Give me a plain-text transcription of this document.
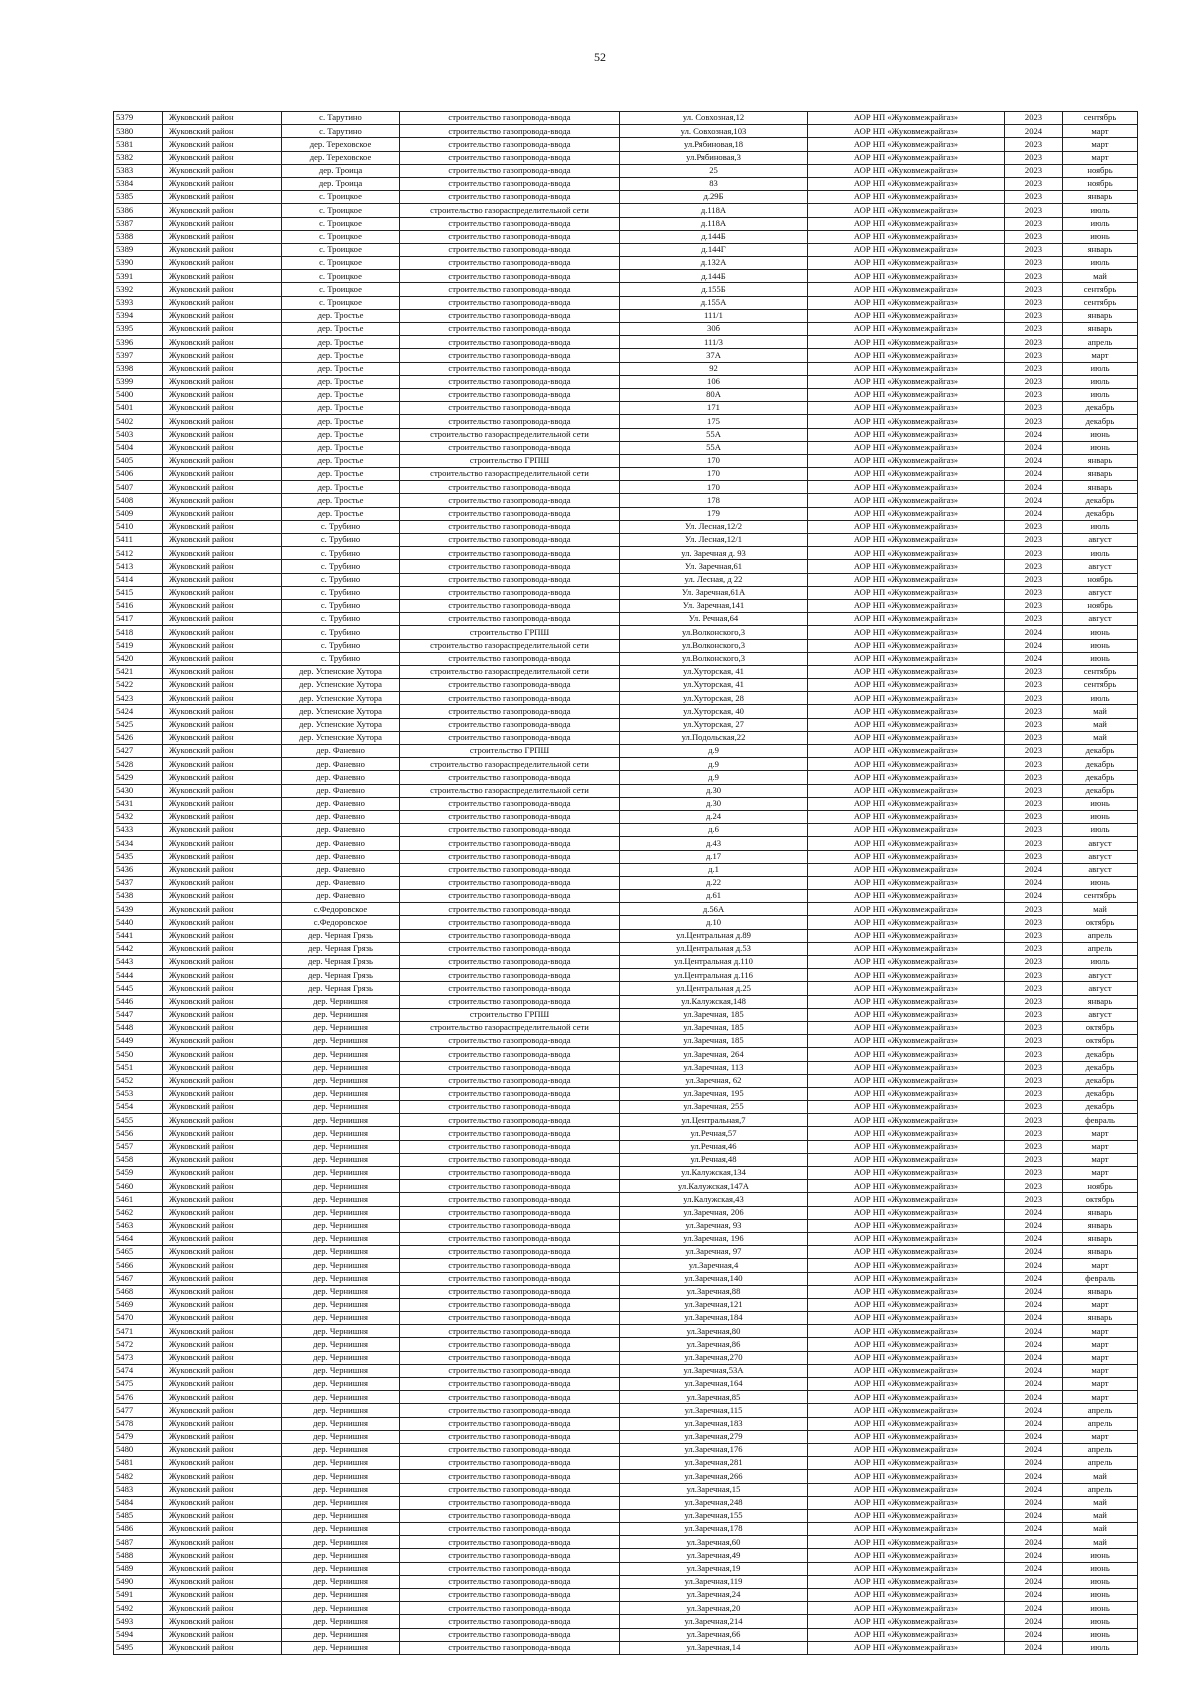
52
5379	Жуковский район	с. Тарутино	строительство газопровода-ввода	ул. Совхозная,12	АОР НП «Жуковмежрайгаз»	2023	сентябрь
5380	Жуковский район	с. Тарутино	строительство газопровода-ввода	ул. Совхозная,103	АОР НП «Жуковмежрайгаз»	2024	март
5381	Жуковский район	дер. Тереховское	строительство газопровода-ввода	ул.Рябиновая,18	АОР НП «Жуковмежрайгаз»	2023	март
5382	Жуковский район	дер. Тереховское	строительство газопровода-ввода	ул.Рябиновая,3	АОР НП «Жуковмежрайгаз»	2023	март
5383	Жуковский район	дер. Троица	строительство газопровода-ввода	25	АОР НП «Жуковмежрайгаз»	2023	ноябрь
5384	Жуковский район	дер. Троица	строительство газопровода-ввода	83	АОР НП «Жуковмежрайгаз»	2023	ноябрь
5385	Жуковский район	с. Троицкое	строительство газопровода-ввода	д.29Б	АОР НП «Жуковмежрайгаз»	2023	январь
5386	Жуковский район	с. Троицкое	строительство газораспределительной сети	д.118А	АОР НП «Жуковмежрайгаз»	2023	июль
5387	Жуковский район	с. Троицкое	строительство газопровода-ввода	д.118А	АОР НП «Жуковмежрайгаз»	2023	июль
5388	Жуковский район	с. Троицкое	строительство газопровода-ввода	д.144Б	АОР НП «Жуковмежрайгаз»	2023	июнь
5389	Жуковский район	с. Троицкое	строительство газопровода-ввода	д.144Г	АОР НП «Жуковмежрайгаз»	2023	январь
5390	Жуковский район	с. Троицкое	строительство газопровода-ввода	д.132А	АОР НП «Жуковмежрайгаз»	2023	июль
5391	Жуковский район	с. Троицкое	строительство газопровода-ввода	д.144Б	АОР НП «Жуковмежрайгаз»	2023	май
5392	Жуковский район	с. Троицкое	строительство газопровода-ввода	д.155Б	АОР НП «Жуковмежрайгаз»	2023	сентябрь
5393	Жуковский район	с. Троицкое	строительство газопровода-ввода	д.155А	АОР НП «Жуковмежрайгаз»	2023	сентябрь
5394	Жуковский район	дер. Тростье	строительство газопровода-ввода	111/1	АОР НП «Жуковмежрайгаз»	2023	январь
5395	Жуковский район	дер. Тростье	строительство газопровода-ввода	30б	АОР НП «Жуковмежрайгаз»	2023	январь
5396	Жуковский район	дер. Тростье	строительство газопровода-ввода	111/3	АОР НП «Жуковмежрайгаз»	2023	апрель
5397	Жуковский район	дер. Тростье	строительство газопровода-ввода	37А	АОР НП «Жуковмежрайгаз»	2023	март
5398	Жуковский район	дер. Тростье	строительство газопровода-ввода	92	АОР НП «Жуковмежрайгаз»	2023	июль
5399	Жуковский район	дер. Тростье	строительство газопровода-ввода	106	АОР НП «Жуковмежрайгаз»	2023	июль
5400	Жуковский район	дер. Тростье	строительство газопровода-ввода	80А	АОР НП «Жуковмежрайгаз»	2023	июль
5401	Жуковский район	дер. Тростье	строительство газопровода-ввода	171	АОР НП «Жуковмежрайгаз»	2023	декабрь
5402	Жуковский район	дер. Тростье	строительство газопровода-ввода	175	АОР НП «Жуковмежрайгаз»	2023	декабрь
5403	Жуковский район	дер. Тростье	строительство газораспределительной сети	55А	АОР НП «Жуковмежрайгаз»	2024	июнь
5404	Жуковский район	дер. Тростье	строительство газопровода-ввода	55А	АОР НП «Жуковмежрайгаз»	2024	июнь
5405	Жуковский район	дер. Тростье	строительство ГРПШ	170	АОР НП «Жуковмежрайгаз»	2024	январь
5406	Жуковский район	дер. Тростье	строительство газораспределительной сети	170	АОР НП «Жуковмежрайгаз»	2024	январь
5407	Жуковский район	дер. Тростье	строительство газопровода-ввода	170	АОР НП «Жуковмежрайгаз»	2024	январь
5408	Жуковский район	дер. Тростье	строительство газопровода-ввода	178	АОР НП «Жуковмежрайгаз»	2024	декабрь
5409	Жуковский район	дер. Тростье	строительство газопровода-ввода	179	АОР НП «Жуковмежрайгаз»	2024	декабрь
5410	Жуковский район	с. Трубино	строительство газопровода-ввода	Ул. Лесная,12/2	АОР НП «Жуковмежрайгаз»	2023	июль
5411	Жуковский район	с. Трубино	строительство газопровода-ввода	Ул. Лесная,12/1	АОР НП «Жуковмежрайгаз»	2023	август
5412	Жуковский район	с. Трубино	строительство газопровода-ввода	ул. Заречная д. 93	АОР НП «Жуковмежрайгаз»	2023	июль
5413	Жуковский район	с. Трубино	строительство газопровода-ввода	Ул. Заречная,61	АОР НП «Жуковмежрайгаз»	2023	август
5414	Жуковский район	с. Трубино	строительство газопровода-ввода	ул. Лесная, д 22	АОР НП «Жуковмежрайгаз»	2023	ноябрь
5415	Жуковский район	с. Трубино	строительство газопровода-ввода	Ул. Заречная,61А	АОР НП «Жуковмежрайгаз»	2023	август
5416	Жуковский район	с. Трубино	строительство газопровода-ввода	Ул. Заречная,141	АОР НП «Жуковмежрайгаз»	2023	ноябрь
5417	Жуковский район	с. Трубино	строительство газопровода-ввода	Ул. Речная,64	АОР НП «Жуковмежрайгаз»	2023	август
5418	Жуковский район	с. Трубино	строительство ГРПШ	ул.Волконского,3	АОР НП «Жуковмежрайгаз»	2024	июнь
5419	Жуковский район	с. Трубино	строительство газораспределительной сети	ул.Волконского,3	АОР НП «Жуковмежрайгаз»	2024	июнь
5420	Жуковский район	с. Трубино	строительство газопровода-ввода	ул.Волконского,3	АОР НП «Жуковмежрайгаз»	2024	июнь
5421	Жуковский район	дер. Успенские Хутора	строительство газораспределительной сети	ул.Хуторская, 41	АОР НП «Жуковмежрайгаз»	2023	сентябрь
5422	Жуковский район	дер. Успенские Хутора	строительство газопровода-ввода	ул.Хуторская, 41	АОР НП «Жуковмежрайгаз»	2023	сентябрь
5423	Жуковский район	дер. Успенские Хутора	строительство газопровода-ввода	ул.Хуторская, 28	АОР НП «Жуковмежрайгаз»	2023	июль
5424	Жуковский район	дер. Успенские Хутора	строительство газопровода-ввода	ул.Хуторская, 40	АОР НП «Жуковмежрайгаз»	2023	май
5425	Жуковский район	дер. Успенские Хутора	строительство газопровода-ввода	ул.Хуторская, 27	АОР НП «Жуковмежрайгаз»	2023	май
5426	Жуковский район	дер. Успенские Хутора	строительство газопровода-ввода	ул.Подольская,22	АОР НП «Жуковмежрайгаз»	2023	май
5427	Жуковский район	дер. Фаневно	строительство ГРПШ	д.9	АОР НП «Жуковмежрайгаз»	2023	декабрь
5428	Жуковский район	дер. Фаневно	строительство газораспределительной сети	д.9	АОР НП «Жуковмежрайгаз»	2023	декабрь
5429	Жуковский район	дер. Фаневно	строительство газопровода-ввода	д.9	АОР НП «Жуковмежрайгаз»	2023	декабрь
5430	Жуковский район	дер. Фаневно	строительство газораспределительной сети	д.30	АОР НП «Жуковмежрайгаз»	2023	декабрь
5431	Жуковский район	дер. Фаневно	строительство газопровода-ввода	д.30	АОР НП «Жуковмежрайгаз»	2023	июнь
5432	Жуковский район	дер. Фаневно	строительство газопровода-ввода	д.24	АОР НП «Жуковмежрайгаз»	2023	июнь
5433	Жуковский район	дер. Фаневно	строительство газопровода-ввода	д.6	АОР НП «Жуковмежрайгаз»	2023	июль
5434	Жуковский район	дер. Фаневно	строительство газопровода-ввода	д.43	АОР НП «Жуковмежрайгаз»	2023	август
5435	Жуковский район	дер. Фаневно	строительство газопровода-ввода	д.17	АОР НП «Жуковмежрайгаз»	2023	август
5436	Жуковский район	дер. Фаневно	строительство газопровода-ввода	д.1	АОР НП «Жуковмежрайгаз»	2024	август
5437	Жуковский район	дер. Фаневно	строительство газопровода-ввода	д.22	АОР НП «Жуковмежрайгаз»	2024	июнь
5438	Жуковский район	дер. Фаневно	строительство газопровода-ввода	д.61	АОР НП «Жуковмежрайгаз»	2024	сентябрь
5439	Жуковский район	с.Федоровское	строительство газопровода-ввода	д.56А	АОР НП «Жуковмежрайгаз»	2023	май
5440	Жуковский район	с.Федоровское	строительство газопровода-ввода	д.10	АОР НП «Жуковмежрайгаз»	2023	октябрь
5441	Жуковский район	дер. Черная Грязь	строительство газопровода-ввода	ул.Центральная д.89	АОР НП «Жуковмежрайгаз»	2023	апрель
5442	Жуковский район	дер. Черная Грязь	строительство газопровода-ввода	ул.Центральная д.53	АОР НП «Жуковмежрайгаз»	2023	апрель
5443	Жуковский район	дер. Черная Грязь	строительство газопровода-ввода	ул.Центральная д.110	АОР НП «Жуковмежрайгаз»	2023	июль
5444	Жуковский район	дер. Черная Грязь	строительство газопровода-ввода	ул.Центральная д.116	АОР НП «Жуковмежрайгаз»	2023	август
5445	Жуковский район	дер. Черная Грязь	строительство газопровода-ввода	ул.Центральная д.25	АОР НП «Жуковмежрайгаз»	2023	август
5446	Жуковский район	дер. Чернишня	строительство газопровода-ввода	ул.Калужская,148	АОР НП «Жуковмежрайгаз»	2023	январь
5447	Жуковский район	дер. Чернишня	строительство ГРПШ	ул.Заречная, 185	АОР НП «Жуковмежрайгаз»	2023	август
5448	Жуковский район	дер. Чернишня	строительство газораспределительной сети	ул.Заречная, 185	АОР НП «Жуковмежрайгаз»	2023	октябрь
5449	Жуковский район	дер. Чернишня	строительство газопровода-ввода	ул.Заречная, 185	АОР НП «Жуковмежрайгаз»	2023	октябрь
5450	Жуковский район	дер. Чернишня	строительство газопровода-ввода	ул.Заречная, 264	АОР НП «Жуковмежрайгаз»	2023	декабрь
5451	Жуковский район	дер. Чернишня	строительство газопровода-ввода	ул.Заречная, 113	АОР НП «Жуковмежрайгаз»	2023	декабрь
5452	Жуковский район	дер. Чернишня	строительство газопровода-ввода	ул.Заречная, 62	АОР НП «Жуковмежрайгаз»	2023	декабрь
5453	Жуковский район	дер. Чернишня	строительство газопровода-ввода	ул.Заречная, 195	АОР НП «Жуковмежрайгаз»	2023	декабрь
5454	Жуковский район	дер. Чернишня	строительство газопровода-ввода	ул.Заречная, 255	АОР НП «Жуковмежрайгаз»	2023	декабрь
5455	Жуковский район	дер. Чернишня	строительство газопровода-ввода	ул.Центральная,7	АОР НП «Жуковмежрайгаз»	2023	февраль
5456	Жуковский район	дер. Чернишня	строительство газопровода-ввода	ул.Речная,57	АОР НП «Жуковмежрайгаз»	2023	март
5457	Жуковский район	дер. Чернишня	строительство газопровода-ввода	ул.Речная,46	АОР НП «Жуковмежрайгаз»	2023	март
5458	Жуковский район	дер. Чернишня	строительство газопровода-ввода	ул.Речная,48	АОР НП «Жуковмежрайгаз»	2023	март
5459	Жуковский район	дер. Чернишня	строительство газопровода-ввода	ул.Калужская,134	АОР НП «Жуковмежрайгаз»	2023	март
5460	Жуковский район	дер. Чернишня	строительство газопровода-ввода	ул.Калужская,147А	АОР НП «Жуковмежрайгаз»	2023	ноябрь
5461	Жуковский район	дер. Чернишня	строительство газопровода-ввода	ул.Калужская,43	АОР НП «Жуковмежрайгаз»	2023	октябрь
5462	Жуковский район	дер. Чернишня	строительство газопровода-ввода	ул.Заречная, 206	АОР НП «Жуковмежрайгаз»	2024	январь
5463	Жуковский район	дер. Чернишня	строительство газопровода-ввода	ул.Заречная, 93	АОР НП «Жуковмежрайгаз»	2024	январь
5464	Жуковский район	дер. Чернишня	строительство газопровода-ввода	ул.Заречная, 196	АОР НП «Жуковмежрайгаз»	2024	январь
5465	Жуковский район	дер. Чернишня	строительство газопровода-ввода	ул.Заречная, 97	АОР НП «Жуковмежрайгаз»	2024	январь
5466	Жуковский район	дер. Чернишня	строительство газопровода-ввода	ул.Заречная,4	АОР НП «Жуковмежрайгаз»	2024	март
5467	Жуковский район	дер. Чернишня	строительство газопровода-ввода	ул.Заречная,140	АОР НП «Жуковмежрайгаз»	2024	февраль
5468	Жуковский район	дер. Чернишня	строительство газопровода-ввода	ул.Заречная,88	АОР НП «Жуковмежрайгаз»	2024	январь
5469	Жуковский район	дер. Чернишня	строительство газопровода-ввода	ул.Заречная,121	АОР НП «Жуковмежрайгаз»	2024	март
5470	Жуковский район	дер. Чернишня	строительство газопровода-ввода	ул.Заречная,184	АОР НП «Жуковмежрайгаз»	2024	январь
5471	Жуковский район	дер. Чернишня	строительство газопровода-ввода	ул.Заречная,80	АОР НП «Жуковмежрайгаз»	2024	март
5472	Жуковский район	дер. Чернишня	строительство газопровода-ввода	ул.Заречная,86	АОР НП «Жуковмежрайгаз»	2024	март
5473	Жуковский район	дер. Чернишня	строительство газопровода-ввода	ул.Заречная,270	АОР НП «Жуковмежрайгаз»	2024	март
5474	Жуковский район	дер. Чернишня	строительство газопровода-ввода	ул.Заречная,53А	АОР НП «Жуковмежрайгаз»	2024	март
5475	Жуковский район	дер. Чернишня	строительство газопровода-ввода	ул.Заречная,164	АОР НП «Жуковмежрайгаз»	2024	март
5476	Жуковский район	дер. Чернишня	строительство газопровода-ввода	ул.Заречная,85	АОР НП «Жуковмежрайгаз»	2024	март
5477	Жуковский район	дер. Чернишня	строительство газопровода-ввода	ул.Заречная,115	АОР НП «Жуковмежрайгаз»	2024	апрель
5478	Жуковский район	дер. Чернишня	строительство газопровода-ввода	ул.Заречная,183	АОР НП «Жуковмежрайгаз»	2024	апрель
5479	Жуковский район	дер. Чернишня	строительство газопровода-ввода	ул.Заречная,279	АОР НП «Жуковмежрайгаз»	2024	март
5480	Жуковский район	дер. Чернишня	строительство газопровода-ввода	ул.Заречная,176	АОР НП «Жуковмежрайгаз»	2024	апрель
5481	Жуковский район	дер. Чернишня	строительство газопровода-ввода	ул.Заречная,281	АОР НП «Жуковмежрайгаз»	2024	апрель
5482	Жуковский район	дер. Чернишня	строительство газопровода-ввода	ул.Заречная,266	АОР НП «Жуковмежрайгаз»	2024	май
5483	Жуковский район	дер. Чернишня	строительство газопровода-ввода	ул.Заречная,15	АОР НП «Жуковмежрайгаз»	2024	апрель
5484	Жуковский район	дер. Чернишня	строительство газопровода-ввода	ул.Заречная,248	АОР НП «Жуковмежрайгаз»	2024	май
5485	Жуковский район	дер. Чернишня	строительство газопровода-ввода	ул.Заречная,155	АОР НП «Жуковмежрайгаз»	2024	май
5486	Жуковский район	дер. Чернишня	строительство газопровода-ввода	ул.Заречная,178	АОР НП «Жуковмежрайгаз»	2024	май
5487	Жуковский район	дер. Чернишня	строительство газопровода-ввода	ул.Заречная,60	АОР НП «Жуковмежрайгаз»	2024	май
5488	Жуковский район	дер. Чернишня	строительство газопровода-ввода	ул.Заречная,49	АОР НП «Жуковмежрайгаз»	2024	июнь
5489	Жуковский район	дер. Чернишня	строительство газопровода-ввода	ул.Заречная,19	АОР НП «Жуковмежрайгаз»	2024	июнь
5490	Жуковский район	дер. Чернишня	строительство газопровода-ввода	ул.Заречная,119	АОР НП «Жуковмежрайгаз»	2024	июнь
5491	Жуковский район	дер. Чернишня	строительство газопровода-ввода	ул.Заречная,24	АОР НП «Жуковмежрайгаз»	2024	июнь
5492	Жуковский район	дер. Чернишня	строительство газопровода-ввода	ул.Заречная,20	АОР НП «Жуковмежрайгаз»	2024	июнь
5493	Жуковский район	дер. Чернишня	строительство газопровода-ввода	ул.Заречная,214	АОР НП «Жуковмежрайгаз»	2024	июнь
5494	Жуковский район	дер. Чернишня	строительство газопровода-ввода	ул.Заречная,66	АОР НП «Жуковмежрайгаз»	2024	июнь
5495	Жуковский район	дер. Чернишня	строительство газопровода-ввода	ул.Заречная,14	АОР НП «Жуковмежрайгаз»	2024	июль
